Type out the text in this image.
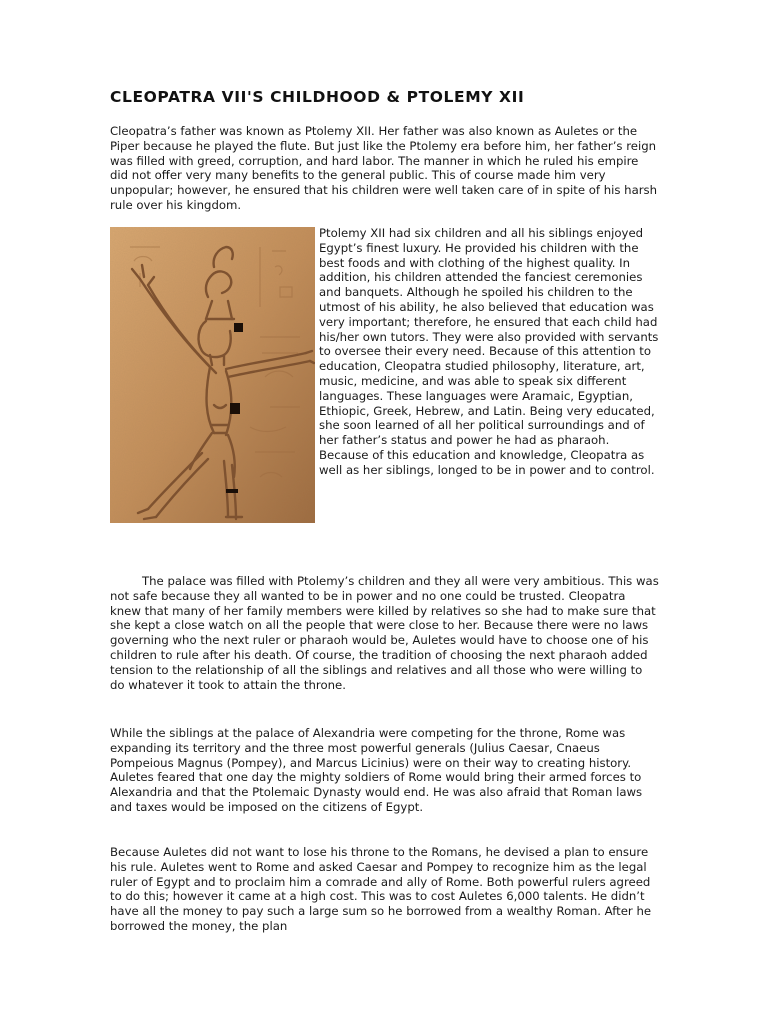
CLEOPATRA VII'S CHILDHOOD & PTOLEMY XII

Cleopatra’s father was known as Ptolemy XII. Her father was also known as Auletes or the Piper because he played the flute. But just like the Ptolemy era before him, her father’s reign was filled with greed, corruption, and hard labor. The manner in which he ruled his empire did not offer very many benefits to the general public. This of course made him very unpopular; however, he ensured that his children were well taken care of in spite of his harsh rule over his kingdom.

Ptolemy XII had six children and all his siblings enjoyed Egypt’s finest luxury. He provided his children with the best foods and with clothing of the highest quality. In addition, his children attended the fanciest ceremonies and banquets. Although he spoiled his children to the utmost of his ability, he also believed that education was very important; therefore, he ensured that each child had his/her own tutors. They were also provided with servants to oversee their every need. Because of this attention to education, Cleopatra studied philosophy, literature, art, music, medicine, and was able to speak six different languages. These languages were Aramaic, Egyptian, Ethiopic, Greek, Hebrew, and Latin. Being very educated, she soon learned of all her political surroundings and of her father’s status and power he had as pharaoh. Because of this education and knowledge, Cleopatra as well as her siblings, longed to be in power and to control.

The palace was filled with Ptolemy’s children and they all were very ambitious. This was not safe because they all wanted to be in power and no one could be trusted. Cleopatra knew that many of her family members were killed by relatives so she had to make sure that she kept a close watch on all the people that were close to her. Because there were no laws governing who the next ruler or pharaoh would be, Auletes would have to choose one of his children to rule after his death. Of course, the tradition of choosing the next pharaoh added tension to the relationship of all the siblings and relatives and all those who were willing to do whatever it took to attain the throne.

While the siblings at the palace of Alexandria were competing for the throne, Rome was expanding its territory and the three most powerful generals (Julius Caesar, Cnaeus Pompeious Magnus (Pompey), and Marcus Licinius) were on their way to creating history. Auletes feared that one day the mighty soldiers of Rome would bring their armed forces to Alexandria and that the Ptolemaic Dynasty would end. He was also afraid that Roman laws and taxes would be imposed on the citizens of Egypt.

Because Auletes did not want to lose his throne to the Romans, he devised a plan to ensure his rule. Auletes went to Rome and asked Caesar and Pompey to recognize him as the legal ruler of Egypt and to proclaim him a comrade and ally of Rome. Both powerful rulers agreed to do this; however it came at a high cost. This was to cost Auletes 6,000 talents. He didn’t have all the money to pay such a large sum so he borrowed from a wealthy Roman. After he borrowed the money, the plan
